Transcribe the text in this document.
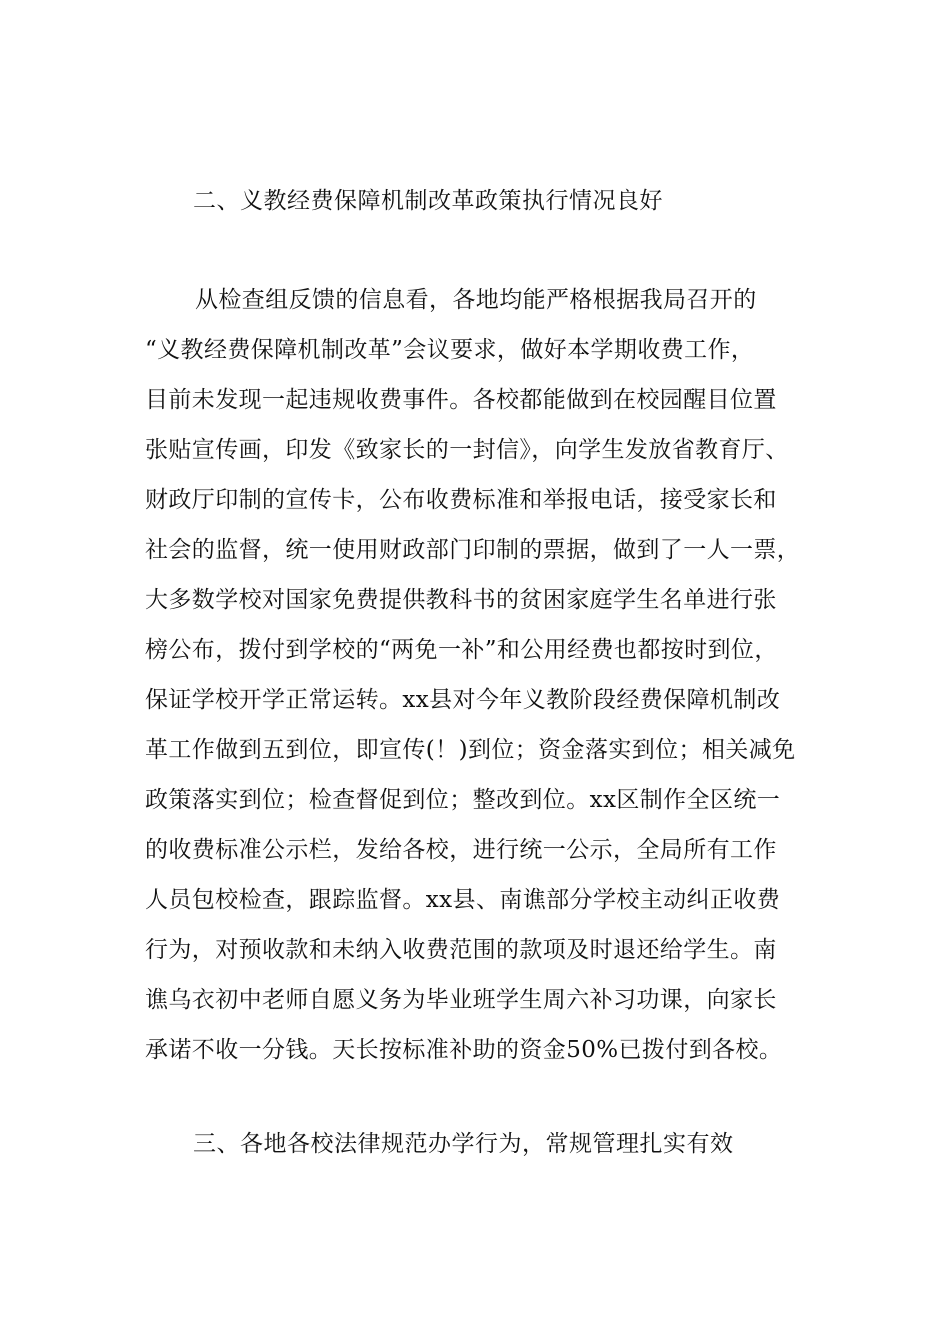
二、义教经费保障机制改革政策执行情况良好
从检查组反馈的信息看，各地均能严格根据我局召开的
“义教经费保障机制改革”会议要求，做好本学期收费工作，
目前未发现一起违规收费事件。各校都能做到在校园醒目位置
张贴宣传画，印发《致家长的一封信》，向学生发放省教育厅、
财政厅印制的宣传卡，公布收费标准和举报电话，接受家长和
社会的监督，统一使用财政部门印制的票据，做到了一人一票，
大多数学校对国家免费提供教科书的贫困家庭学生名单进行张
榜公布，拨付到学校的“两免一补”和公用经费也都按时到位，
保证学校开学正常运转。xx县对今年义教阶段经费保障机制改
革工作做到五到位，即宣传(！)到位；资金落实到位；相关减免
政策落实到位；检查督促到位；整改到位。xx区制作全区统一
的收费标准公示栏，发给各校，进行统一公示，全局所有工作
人员包校检查，跟踪监督。xx县、南谯部分学校主动纠正收费
行为，对预收款和未纳入收费范围的款项及时退还给学生。南
谯乌衣初中老师自愿义务为毕业班学生周六补习功课，向家长
承诺不收一分钱。天长按标准补助的资金50%已拨付到各校。
三、各地各校法律规范办学行为，常规管理扎实有效
